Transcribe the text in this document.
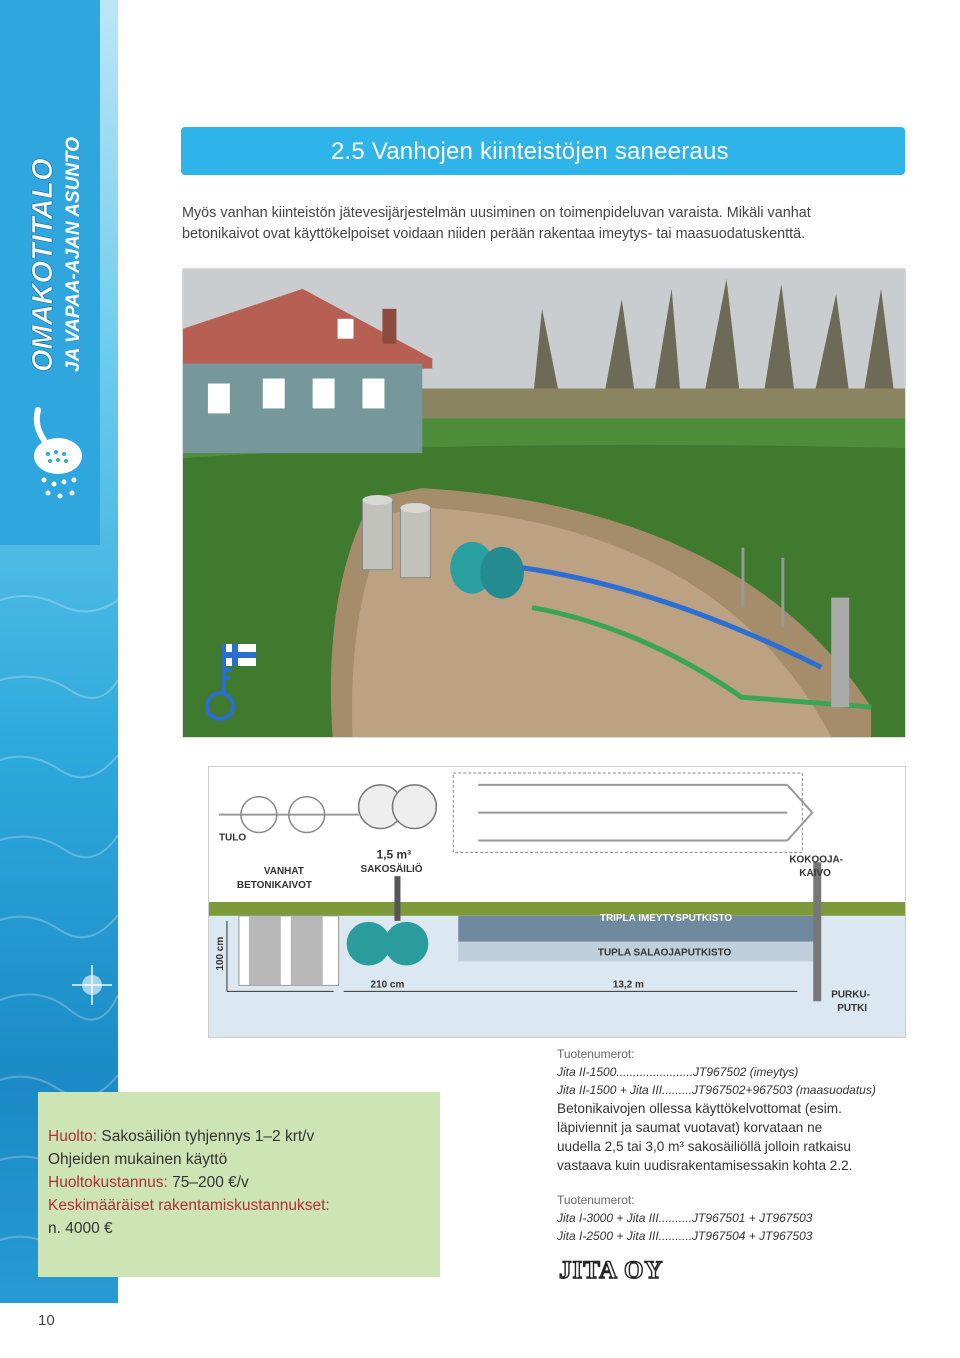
OMAKOTITALO JA VAPAA-AJAN ASUNTO
10
2.5 Vanhojen kiinteistöjen saneeraus
Myös vanhan kiinteistön jätevesijärjestelmän uusiminen on toimenpideluvan varaista. Mikäli vanhat
betonikaivot ovat käyttökelpoiset voidaan niiden perään rakentaa imeytys- tai maasuodatuskenttä.
TULO
1,5 m³
SAKOSÄILIÖ
VANHAT
BETONIKAIVOT
KOKOOJA-
KAIVO
TRIPLA IMEYTYSPUTKISTO
TUPLA SALAOJAPUTKISTO
100 cm
210 cm	13,2 m
PURKU-
PUTKI
Tuotenumerot:
Jita II-1500.......................JT967502 (imeytys)
Jita II-1500 + Jita III.........JT967502+967503 (maasuodatus)
Huolto: Sakosäiliön tyhjennys 1–2 krt/v
Ohjeiden mukainen käyttö
Huoltokustannus: 75–200 €/v
Keskimääräiset rakentamiskustannukset:
n. 4000 €
Betonikaivojen ollessa käyttökelvottomat (esim.
läpiviennit ja saumat vuotavat) korvataan ne
uudella 2,5 tai 3,0 m³ sakosäiliöllä jolloin ratkaisu
vastaava kuin uudisrakentamisessakin kohta 2.2.
Tuotenumerot:
Jita I-3000 + Jita III..........JT967501 + JT967503
Jita I-2500 + Jita III..........JT967504 + JT967503
JITA OY
